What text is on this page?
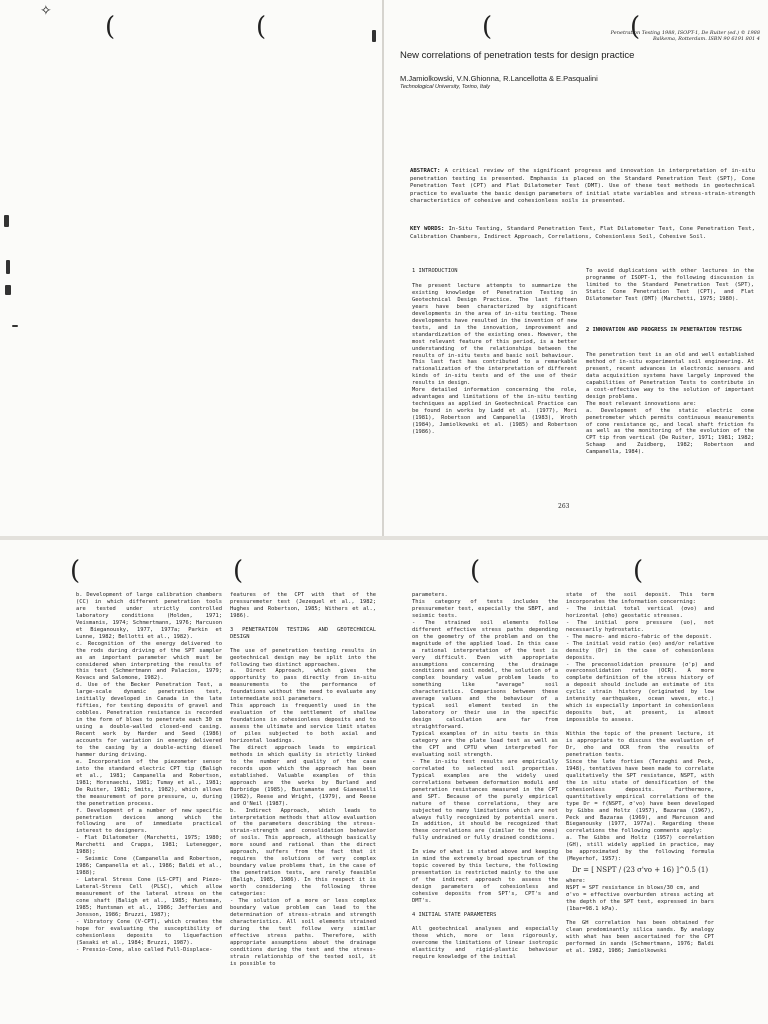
✧
(	(	(	(
Penetration Testing 1988, ISOPT-1, De Ruiter (ed.) © 1988 Balkema, Rotterdam. ISBN 90 6191 801 4
New correlations of penetration tests for design practice
M.Jamiolkowski, V.N.Ghionna, R.Lancellotta & E.Pasqualini
Technological University, Torino, Italy
ABSTRACT: A critical review of the significant progress and innovation in interpretation of in-situ penetration testing is presented. Emphasis is placed on the Standard Penetration Test (SPT), Cone Penetration Test (CPT) and Flat Dilatometer Test (DMT). Use of these test methods in geotechnical practice to evaluate the basic design parameters of initial state variables and stress-strain-strength characteristics of cohesive and cohesionless soils is presented.
KEY WORDS: In-Situ Testing, Standard Penetration Test, Flat Dilatometer Test, Cone Penetration Test, Calibration Chambers, Indirect Approach, Correlations, Cohesionless Soil, Cohesive Soil.
1 INTRODUCTION
The present lecture attempts to summarize the existing knowledge of Penetration Testing in Geotechnical Design Practice. The last fifteen years have been characterized by significant developments in the area of in-situ testing. These developments have resulted in the invention of new tests, and in the innovation, improvement and standardization of the existing ones. However, the most relevant feature of this period, is a better understanding of the relationships between the results of in-situ tests and basic soil behaviour.
This last fact has contributed to a remarkable rationalization of the interpretation of different kinds of in-situ tests and of the use of their results in design.
More detailed information concerning the role, advantages and limitations of the in-situ testing techniques as applied in Geotechnical Practice can be found in works by Ladd et al. (1977), Mori (1981), Robertson and Campanella (1983), Wroth (1984), Jamiolkowski et al. (1985) and Robertson (1986).
To avoid duplications with other lectures in the programme of ISOPT-1, the following discussion is limited to the Standard Penetration Test (SPT), Static Cone Penetration Test (CPT), and Flat Dilatometer Test (DMT) (Marchetti, 1975; 1980).
2 INNOVATION AND PROGRESS IN PENETRATION TESTING
The penetration test is an old and well established method of in-situ experimental soil engineering. At present, recent advances in electronic sensors and data acquisition systems have largely improved the capabilities of Penetration Tests to contribute in a cost-effective way to the solution of important design problems.
The most relevant innovations are:
a. Development of the static electric cone penetrometer which permits continuous measurements of cone resistance qc, and local shaft friction fs as well as the monitoring of the evolution of the CPT tip from vertical (De Ruiter, 1971; 1981; 1982; Schaap and Zuidberg, 1982; Robertson and Campanella, 1984).
263
(	(	(	(
b. Development of large calibration chambers (CC) in which different penetration tools are tested under strictly controlled laboratory conditions (Holden, 1971; Veismanis, 1974; Schmertmann, 1976; Harcuson et Bieganousky, 1977, 1977a; Parkin et Lunne, 1982; Bellotti et al., 1982).
c. Recognition of the energy delivered to the rods during driving of the SPT sampler as an important parameter which must be considered when interpreting the results of this test (Schmertmann and Palacios, 1979; Kovacs and Salomone, 1982).
d. Use of the Becker Penetration Test, a large-scale dynamic penetration test, initially developed in Canada in the late fifties, for testing deposits of gravel and cobbles. Penetration resistance is recorded in the form of blows to penetrate each 30 cm using a double-walled closed-end casing. Recent work by Harder and Seed (1986) accounts for variation in energy delivered to the casing by a double-acting diesel hammer during driving.
e. Incorporation of the piezometer sensor into the standard electric CPT tip (Baligh et al., 1981; Campanella and Robertson, 1981; Horsnaechi, 1981; Tumay et al., 1981; De Ruiter, 1981; Smits, 1982), which allows the measurement of pore pressure, u, during the penetration process.
f. Development of a number of new specific penetration devices among which the following are of immediate practical interest to designers.
- Flat Dilatometer (Marchetti, 1975; 1980; Marchetti and Crapps, 1981; Lutenegger, 1988);
- Seismic Cone (Campanella and Robertson, 1986; Campanella et al., 1986; Baldi et al., 1988);
- Lateral Stress Cone (LS-CPT) and Piezo-Lateral-Stress Cell (PLSC), which allow measurement of the lateral stress on the cone shaft (Baligh et al., 1985; Huntsman, 1985; Huntsman et al., 1986; Jefferies and Jonsson, 1986; Bruzzi, 1987);
- Vibratory Cone (V-CPT), which creates the hope for evaluating the susceptibility of cohesionless deposits to liquefaction (Sasaki et al., 1984; Bruzzi, 1987).
- Pressio-Cone, also called Full-Displace-
features of the CPT with that of the pressuremeter test (Jezequel et al., 1982; Hughes and Robertson, 1985; Withers et al., 1986).

3 PENETRATION TESTING AND GEOTECHNICAL DESIGN

The use of penetration testing results in geotechnical design may be split into the following two distinct approaches.
a. Direct Approach, which gives the opportunity to pass directly from in-situ measurements to the performance of foundations without the need to evaluate any intermediate soil parameters.
This approach is frequently used in the evaluation of the settlement of shallow foundations in cohesionless deposits and to assess the ultimate and service limit states of piles subjected to both axial and horizontal loadings.
The direct approach leads to empirical methods in which quality is strictly linked to the number and quality of the case records upon which the approach has been established. Valuable examples of this approach are the works by Burland and Burbridge (1985), Bustamante and Gianeselli (1982), Reese and Wright, (1979), and Reese and O'Neil (1987).
b. Indirect Approach, which leads to interpretation methods that allow evaluation of the parameters describing the stress-strain-strength and consolidation behavior of soils. This approach, although basically more sound and rational than the direct approach, suffers from the fact that it requires the solutions of very complex boundary value problems that, in the case of the penetration tests, are rarely feasible (Baligh, 1985, 1986). In this respect it is worth considering the following three categories:
- The solution of a more or less complex boundary value problem can lead to the determination of stress-strain and strength characteristics. All soil elements strained during the test follow very similar effective stress paths. Therefore, with appropriate assumptions about the drainage conditions during the test and the stress-strain relationship of the tested soil, it is possible to
parameters.
This category of tests includes the pressuremeter test, especially the SBPT, and seismic tests.
- The strained soil elements follow different effective stress paths depending on the geometry of the problem and on the magnitude of the applied load. In this case a rational interpretation of the test is very difficult. Even with appropriate assumptions concerning the drainage conditions and soil model, the solution of a complex boundary value problem leads to something like "average" soil characteristics. Comparisons between these average values and the behaviour of a typical soil element tested in the laboratory or their use in the specific design calculation are far from straightforward.
Typical examples of in situ tests in this category are the plate load test as well as the CPT and CPTU when interpreted for evaluating soil strength.
- The in-situ test results are empirically correlated to selected soil properties. Typical examples are the widely used correlations between deformation moduli and penetration resistances measured in the CPT and SPT. Because of the purely empirical nature of these correlations, they are subjected to many limitations which are not always fully recognized by potential users. In addition, it should be recognized that these correlations are (similar to the ones) fully undrained or fully drained conditions.

In view of what is stated above and keeping in mind the extremely broad spectrum of the topic covered by this lecture, the following presentation is restricted mainly to the use of the indirect approach to assess the design parameters of cohesionless and cohesive deposits from SPT's, CPT's and DMT's.

4 INITIAL STATE PARAMETERS

All geotechnical analyses and especially those which, more or less rigorously, overcome the limitations of linear isotropic elasticity and rigid-plastic behaviour require knowledge of the initial
state of the soil deposit. This term incorporates the information concerning:
- The initial total vertical (σvo) and horizontal (σho) geostatic stresses.
- The initial pore pressure (uo), not necessarily hydrostatic.
- The macro- and micro-fabric of the deposit.
- The initial void ratio (eo) and/or relative density (Dr) in the case of cohesionless deposits.
- The preconsolidation pressure (σ'p) and overconsolidation ratio (OCR). A more complete definition of the stress history of a deposit should include an estimate of its cyclic strain history (originated by low intensity earthquakes, ocean waves, etc.) which is especially important in cohesionless deposits but, at present, is almost impossible to assess.

Within the topic of the present lecture, it is appropriate to discuss the evaluation of Dr, σho and OCR from the results of penetration tests.
Since the late forties (Terzaghi and Peck, 1948), tentatives have been made to correlate qualitatively the SPT resistance, NSPT, with the in situ state of densification of the cohesionless deposits. Furthermore, quantitatively empirical correlations of the type Dr = f(NSPT, σ'vo) have been developed by Gibbs and Holtz (1957), Bazaraa (1967), Peck and Bazaraa (1969), and Marcuson and Bieganousky (1977, 1977a). Regarding these correlations the following comments apply:
a. The Gibbs and Holtz (1957) correlation (GH), still widely applied in practice, may be approximated by the following formula (Meyerhof, 1957):
Dr = [ NSPT / (23 σ'vo + 16) ]^0.5 (1)
where:
NSPT = SPT resistance in blows/30 cm, and
σ'vo = effective overburden stress acting at the depth of the SPT test, expressed in bars (1bar=98.1 kPa).

The GH correlation has been obtained for clean predominantly silica sands. By analogy with what has been ascertained for the CPT performed in sands (Schmertmann, 1976; Baldi et al. 1982, 1986; Jamiolkowski
